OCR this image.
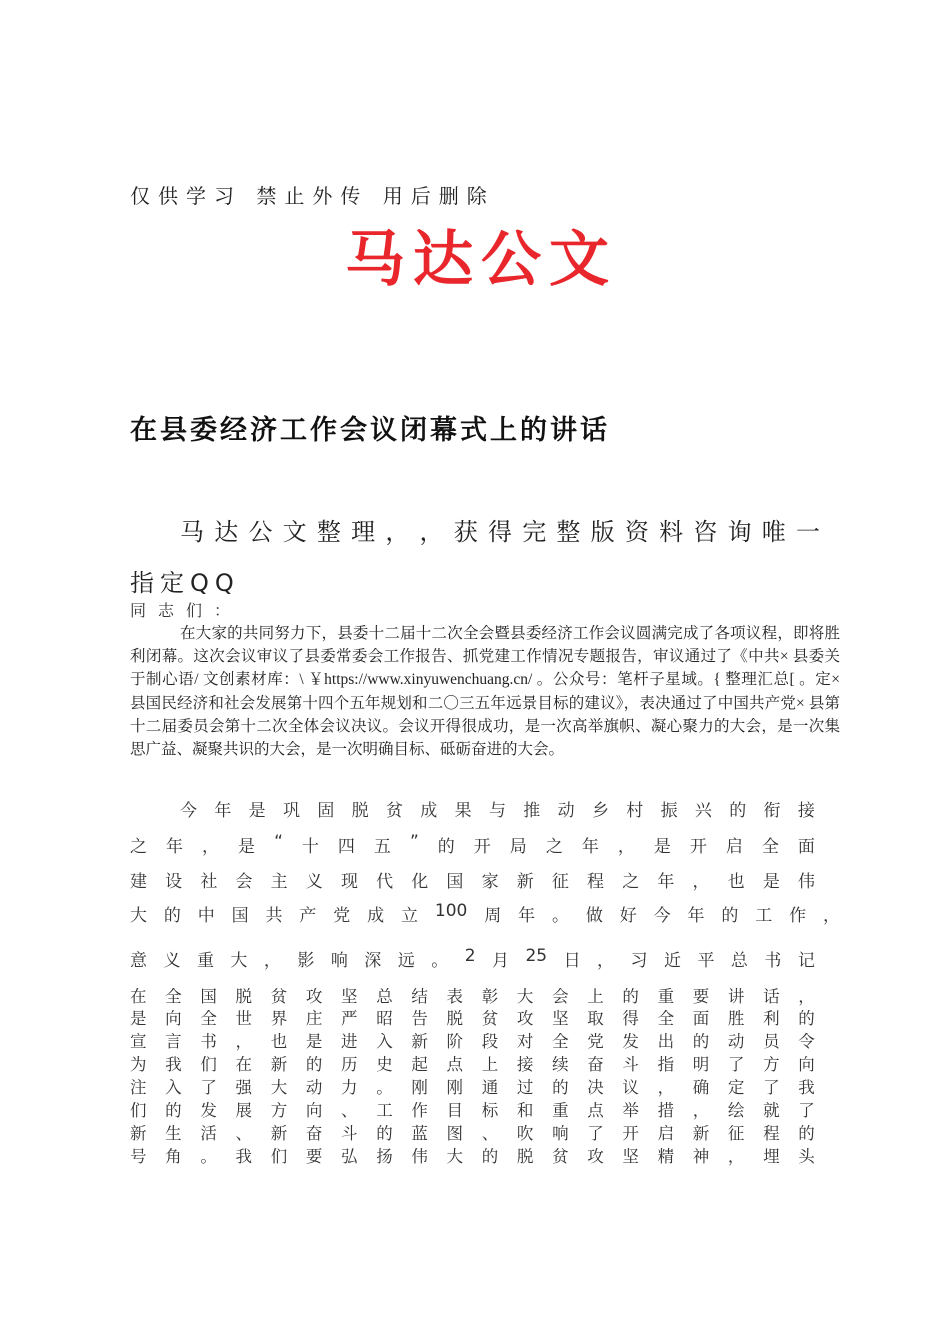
仅供学习 禁止外传 用后删除
马达公文
在县委经济工作会议闭幕式上的讲话
马 达 公 文 整 理 ， ， 获 得 完 整 版 资 料 咨 询 唯 一
指定QQ
同志们：

在大家的共同努力下，县委十二届十二次全会暨县委经济工作会议圆满完成了各项议程，即将胜利闭幕。这次会议审议了县委常委会工作报告、抓党建工作情况专题报告，审议通过了《中共× 县委关于制心语/ 文创素材库：\ ￥https://www.xinyuwenchuang.cn/ 。公众号：笔杆子星域。{ 整理汇总[ 。定× 县国民经济和社会发展第十四个五年规划和二〇三五年远景目标的建议》，表决通过了中国共产党× 县第十二届委员会第十二次全体会议决议。会议开得很成功，是一次高举旗帜、凝心聚力的大会，是一次集思广益、凝聚共识的大会，是一次明确目标、砥砺奋进的大会。

今 年 是 巩 固 脱 贫 成 果 与 推 动 乡 村 振 兴 的 衔 接
之 年 ， 是 “ 十 四 五 ” 的 开 局 之 年 ， 是 开 启 全 面
建 设 社 会 主 义 现 代 化 国 家 新 征 程 之 年 ， 也 是 伟
大 的 中 国 共 产 党 成 立 100 周 年 。 做 好 今 年 的 工 作 ，
意 义 重 大 ， 影 响 深 远 。 2 月 25 日 ， 习 近 平 总 书 记
在 全 国 脱 贫 攻 坚 总 结 表 彰 大 会 上 的 重 要 讲 话 ，
是 向 全 世 界 庄 严 昭 告 脱 贫 攻 坚 取 得 全 面 胜 利 的
宣 言 书 ， 也 是 进 入 新 阶 段 对 全 党 发 出 的 动 员 令
为 我 们 在 新 的 历 史 起 点 上 接 续 奋 斗 指 明 了 方 向
注 入 了 强 大 动 力 。 刚 刚 通 过 的 决 议 ， 确 定 了 我
们 的 发 展 方 向 、 工 作 目 标 和 重 点 举 措 ， 绘 就 了
新 生 活 、 新 奋 斗 的 蓝 图 、 吹 响 了 开 启 新 征 程 的
号 角 。 我 们 要 弘 扬 伟 大 的 脱 贫 攻 坚 精 神 ， 埋 头
